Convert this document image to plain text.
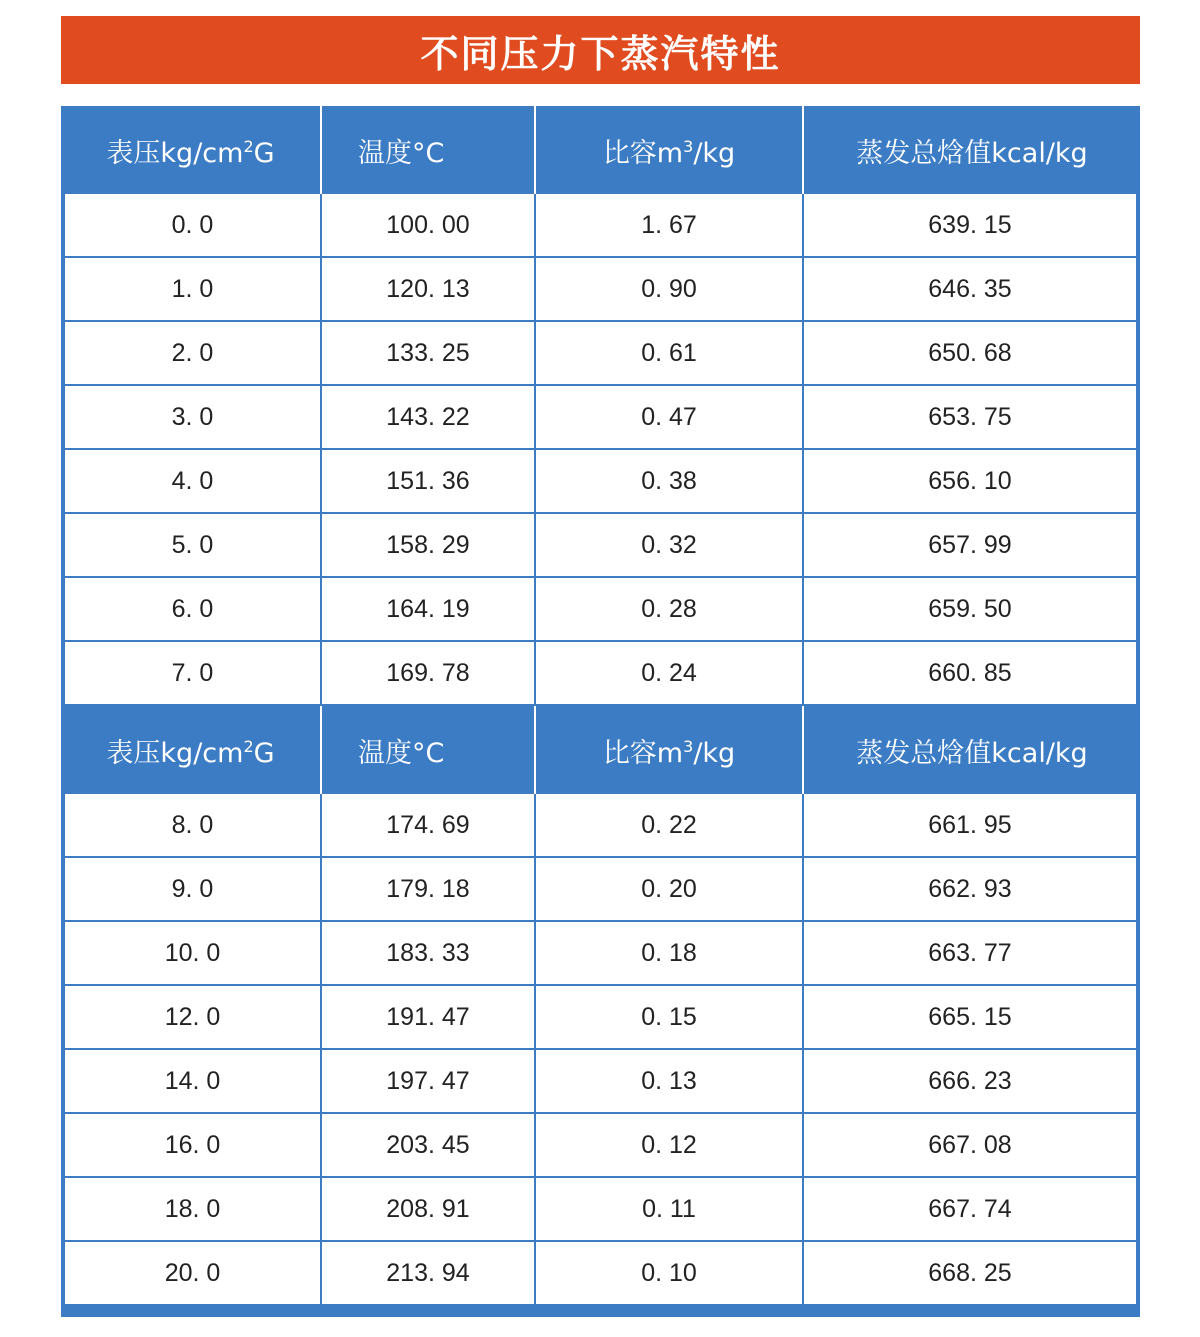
不同压力下蒸汽特性
表压$kg/cm^2G$	温度°C	比容$m^3/kg$	蒸发总焓值kcal/kg
0. 0	100. 00	1. 67	639. 15
1. 0	120. 13	0. 90	646. 35
2. 0	133. 25	0. 61	650. 68
3. 0	143. 22	0. 47	653. 75
4. 0	151. 36	0. 38	656. 10
5. 0	158. 29	0. 32	657. 99
6. 0	164. 19	0. 28	659. 50
7. 0	169. 78	0. 24	660. 85
表压$kg/cm^2G$	温度°C	比容$m^3/kg$	蒸发总焓值kcal/kg
8. 0	174. 69	0. 22	661. 95
9. 0	179. 18	0. 20	662. 93
10. 0	183. 33	0. 18	663. 77
12. 0	191. 47	0. 15	665. 15
14. 0	197. 47	0. 13	666. 23
16. 0	203. 45	0. 12	667. 08
18. 0	208. 91	0. 11	667. 74
20. 0	213. 94	0. 10	668. 25
